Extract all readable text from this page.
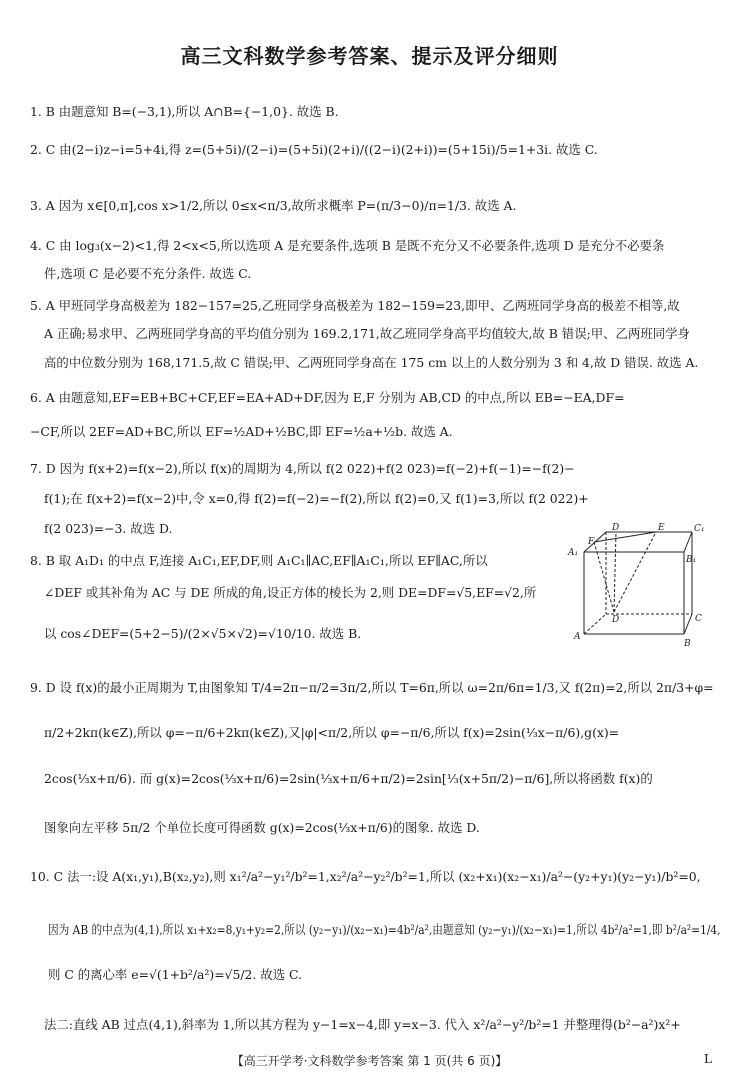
高三文科数学参考答案、提示及评分细则
1. B 由题意知 B=(−3,1),所以 A∩B={−1,0}. 故选 B.
2. C 由(2−i)z−i=5+4i,得 z=(5+5i)/(2−i)=(5+5i)(2+i)/((2−i)(2+i))=(5+15i)/5=1+3i. 故选 C.
3. A 因为 x∈[0,π],cos x>1/2,所以 0≤x<π/3,故所求概率 P=(π/3−0)/π=1/3. 故选 A.
4. C 由 log₃(x−2)<1,得 2<x<5,所以选项 A 是充要条件,选项 B 是既不充分又不必要条件,选项 D 是充分不必要条
件,选项 C 是必要不充分条件. 故选 C.
5. A 甲班同学身高极差为 182−157=25,乙班同学身高极差为 182−159=23,即甲、乙两班同学身高的极差不相等,故
A 正确;易求甲、乙两班同学身高的平均值分别为 169.2,171,故乙班同学身高平均值较大,故 B 错误;甲、乙两班同学身
高的中位数分别为 168,171.5,故 C 错误;甲、乙两班同学身高在 175 cm 以上的人数分别为 3 和 4,故 D 错误. 故选 A.
6. A 由题意知,EF=EB+BC+CF,EF=EA+AD+DF,因为 E,F 分别为 AB,CD 的中点,所以 EB=−EA,DF=
−CF,所以 2EF=AD+BC,所以 EF=½AD+½BC,即 EF=½a+½b. 故选 A.
7. D 因为 f(x+2)=f(x−2),所以 f(x)的周期为 4,所以 f(2 022)+f(2 023)=f(−2)+f(−1)=−f(2)−
f(1);在 f(x+2)=f(x−2)中,令 x=0,得 f(2)=f(−2)=−f(2),所以 f(2)=0,又 f(1)=3,所以 f(2 022)+
f(2 023)=−3. 故选 D.
8. B 取 A₁D₁ 的中点 F,连接 A₁C₁,EF,DF,则 A₁C₁∥AC,EF∥A₁C₁,所以 EF∥AC,所以
∠DEF 或其补角为 AC 与 DE 所成的角,设正方体的棱长为 2,则 DE=DF=√5,EF=√2,所
以 cos∠DEF=(5+2−5)/(2×√5×√2)=√10/10. 故选 B.
9. D 设 f(x)的最小正周期为 T,由图象知 T/4=2π−π/2=3π/2,所以 T=6π,所以 ω=2π/6π=1/3,又 f(2π)=2,所以 2π/3+φ=
π/2+2kπ(k∈Z),所以 φ=−π/6+2kπ(k∈Z),又|φ|<π/2,所以 φ=−π/6,所以 f(x)=2sin(⅓x−π/6),g(x)=
2cos(⅓x+π/6). 而 g(x)=2cos(⅓x+π/6)=2sin(⅓x+π/6+π/2)=2sin[⅓(x+5π/2)−π/6],所以将函数 f(x)的
图象向左平移 5π/2 个单位长度可得函数 g(x)=2cos(⅓x+π/6)的图象. 故选 D.
10. C 法一:设 A(x₁,y₁),B(x₂,y₂),则 x₁²/a²−y₁²/b²=1,x₂²/a²−y₂²/b²=1,所以 (x₂+x₁)(x₂−x₁)/a²−(y₂+y₁)(y₂−y₁)/b²=0,
因为 AB 的中点为(4,1),所以 x₁+x₂=8,y₁+y₂=2,所以 (y₂−y₁)/(x₂−x₁)=4b²/a²,由题意知 (y₂−y₁)/(x₂−x₁)=1,所以 4b²/a²=1,即 b²/a²=1/4,
则 C 的离心率 e=√(1+b²/a²)=√5/2. 故选 C.
法二:直线 AB 过点(4,1),斜率为 1,所以其方程为 y−1=x−4,即 y=x−3. 代入 x²/a²−y²/b²=1 并整理得(b²−a²)x²+
D	E	C₁
A₁
F
B₁
D	C
A
B
【高三开学考·文科数学参考答案 第 1 页(共 6 页)】	L
